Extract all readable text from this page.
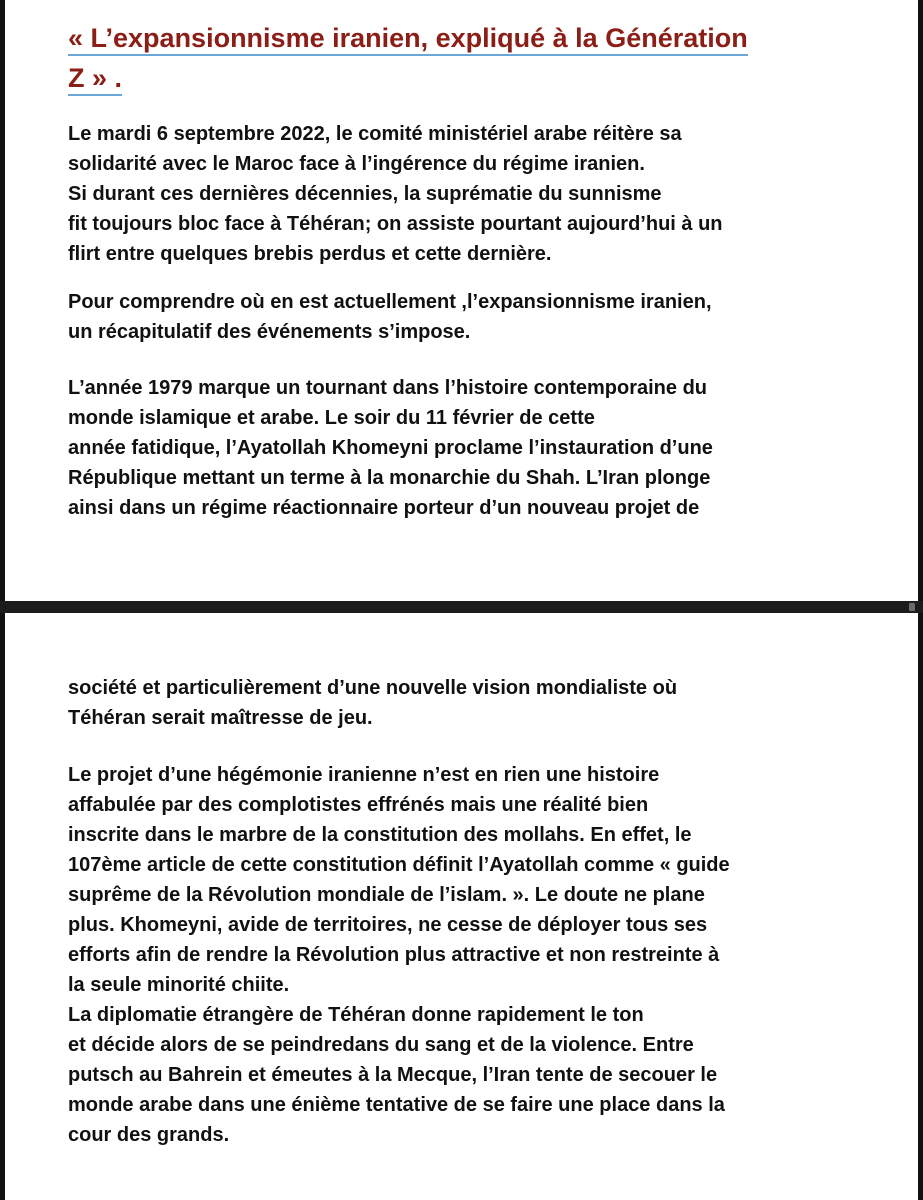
« L’expansionnisme iranien, expliqué à la Génération
Z » .

Le mardi 6 septembre 2022, le comité ministériel arabe réitère sa
solidarité avec le Maroc face à l’ingérence du régime iranien.
Si durant ces dernières décennies, la suprématie du sunnisme
fit toujours bloc face à Téhéran; on assiste pourtant aujourd’hui à un
flirt entre quelques brebis perdus et cette dernière.

Pour comprendre où en est actuellement ,l’expansionnisme iranien,
un récapitulatif des événements s’impose.

L’année 1979 marque un tournant dans l’histoire contemporaine du
monde islamique et arabe. Le soir du 11 février de cette
année fatidique, l’Ayatollah Khomeyni proclame l’instauration d’une
République mettant un terme à la monarchie du Shah. L’Iran plonge
ainsi dans un régime réactionnaire porteur d’un nouveau projet de

société et particulièrement d’une nouvelle vision mondialiste où
Téhéran serait maîtresse de jeu.

Le projet d’une hégémonie iranienne n’est en rien une histoire
affabulée par des complotistes effrénés mais une réalité bien
inscrite dans le marbre de la constitution des mollahs. En effet, le
107ème article de cette constitution définit l’Ayatollah comme « guide
suprême de la Révolution mondiale de l’islam. ». Le doute ne plane
plus. Khomeyni, avide de territoires, ne cesse de déployer tous ses
efforts afin de rendre la Révolution plus attractive et non restreinte à
la seule minorité chiite.
La diplomatie étrangère de Téhéran donne rapidement le ton
et décide alors de se peindredans du sang et de la violence. Entre
putsch au Bahrein et émeutes à la Mecque, l’Iran tente de secouer le
monde arabe dans une énième tentative de se faire une place dans la
cour des grands.
